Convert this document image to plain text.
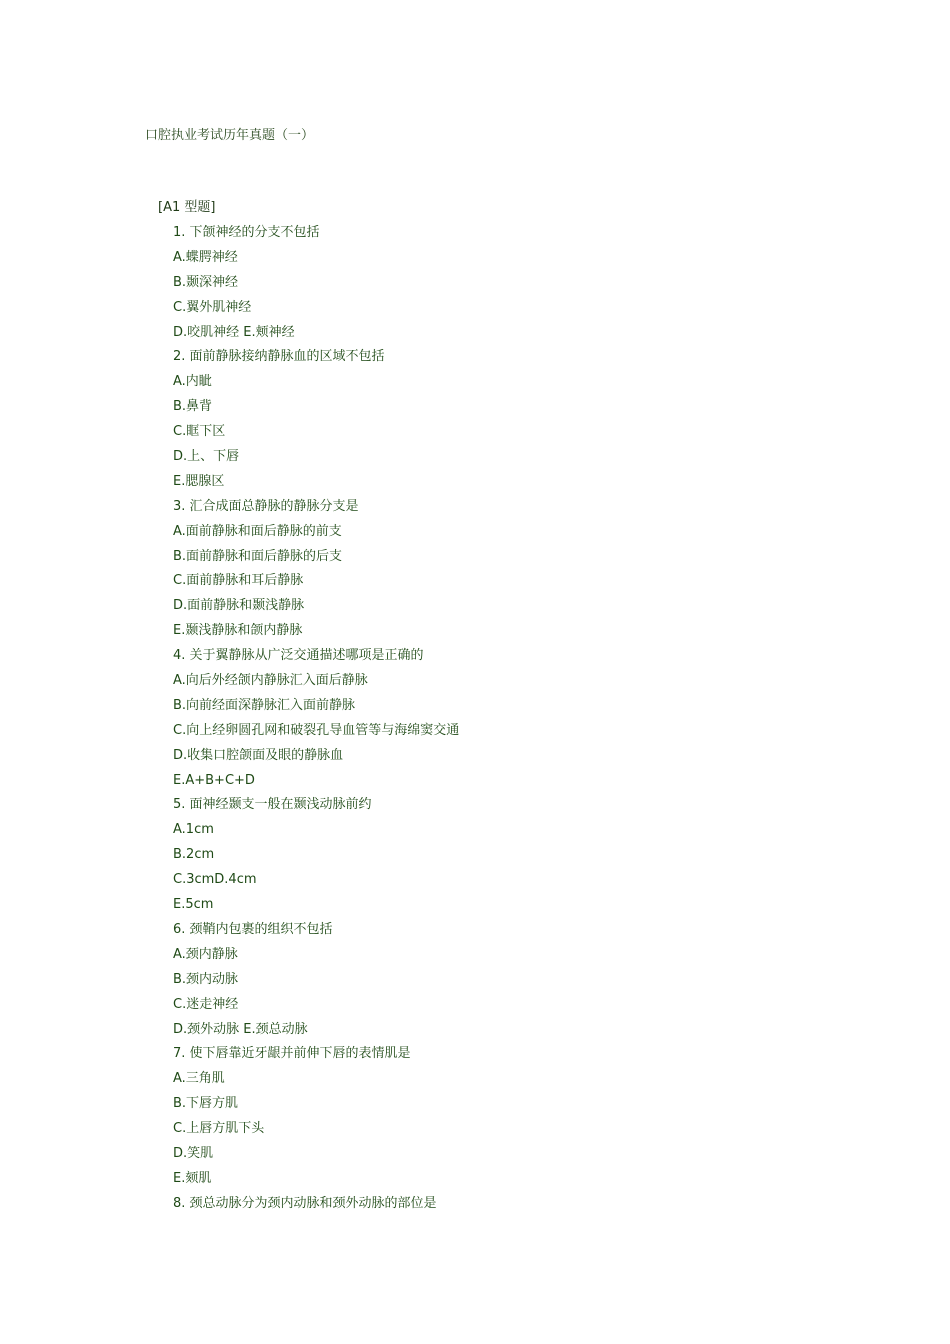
口腔执业考试历年真题（一）
[A1 型题]
1. 下颌神经的分支不包括
A.蝶腭神经
B.颞深神经
C.翼外肌神经
D.咬肌神经 E.颊神经
2. 面前静脉接纳静脉血的区域不包括
A.内眦
B.鼻背
C.眶下区
D.上、下唇
E.腮腺区
3. 汇合成面总静脉的静脉分支是
A.面前静脉和面后静脉的前支
B.面前静脉和面后静脉的后支
C.面前静脉和耳后静脉
D.面前静脉和颞浅静脉
E.颞浅静脉和颌内静脉
4. 关于翼静脉从广泛交通描述哪项是正确的
A.向后外经颌内静脉汇入面后静脉
B.向前经面深静脉汇入面前静脉
C.向上经卵圆孔网和破裂孔导血管等与海绵窦交通
D.收集口腔颌面及眼的静脉血
E.A+B+C+D
5. 面神经颞支一般在颞浅动脉前约
A.1cm
B.2cm
C.3cmD.4cm
E.5cm
6. 颈鞘内包裹的组织不包括
A.颈内静脉
B.颈内动脉
C.迷走神经
D.颈外动脉 E.颈总动脉
7. 使下唇靠近牙龈并前伸下唇的表情肌是
A.三角肌
B.下唇方肌
C.上唇方肌下头
D.笑肌
E.颏肌
8. 颈总动脉分为颈内动脉和颈外动脉的部位是
